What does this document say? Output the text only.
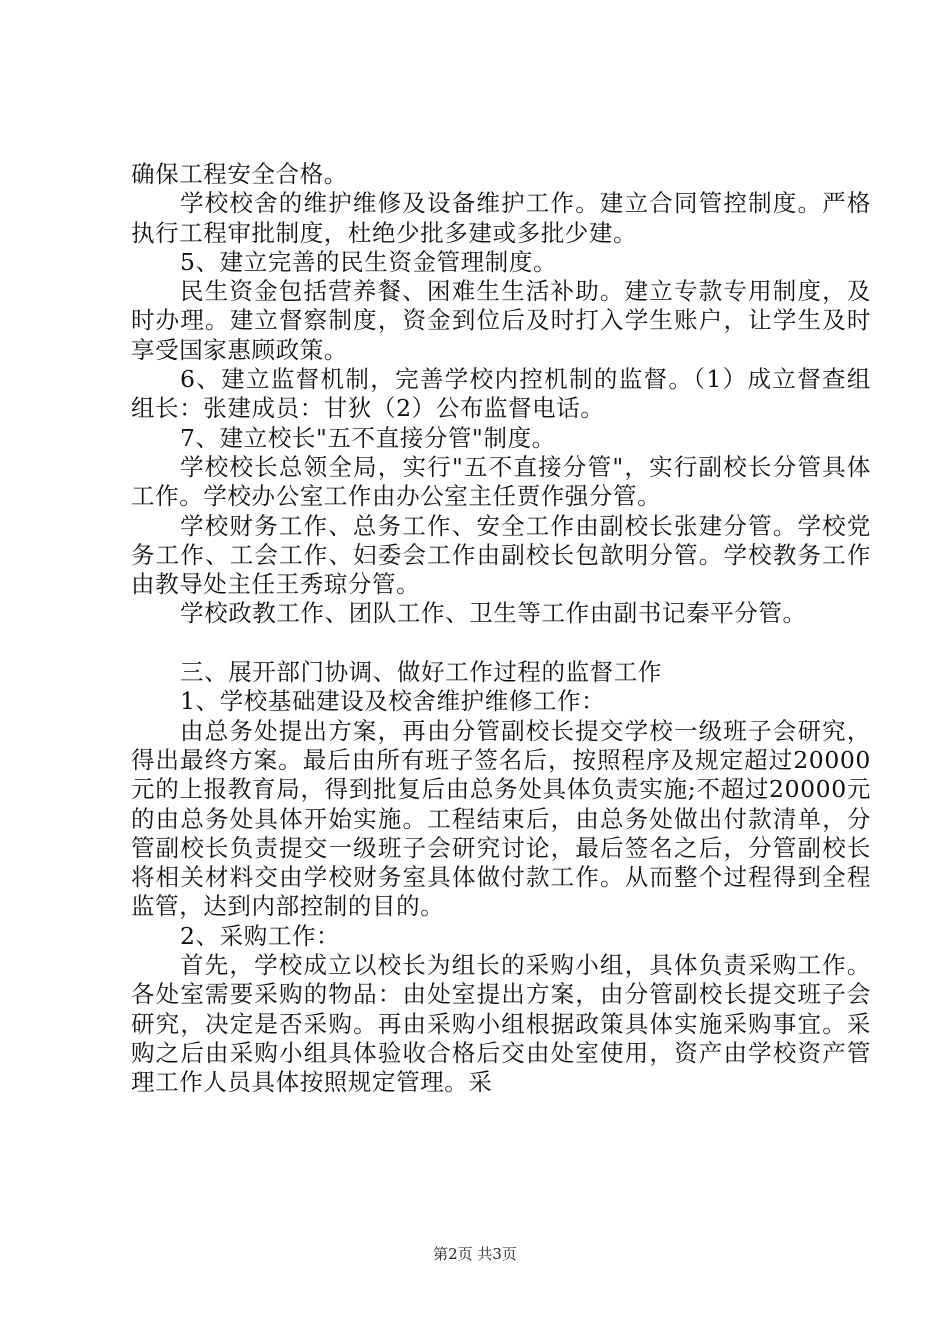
确保工程安全合格。

学校校舍的维护维修及设备维护工作。建立合同管控制度。严格执行工程审批制度，杜绝少批多建或多批少建。

5、建立完善的民生资金管理制度。

民生资金包括营养餐、困难生生活补助。建立专款专用制度，及时办理。建立督察制度，资金到位后及时打入学生账户，让学生及时享受国家惠顾政策。

6、建立监督机制，完善学校内控机制的监督。（1）成立督查组组长：张建成员：甘狄（2）公布监督电话。

7、建立校长"五不直接分管"制度。

学校校长总领全局，实行"五不直接分管"，实行副校长分管具体工作。学校办公室工作由办公室主任贾作强分管。

学校财务工作、总务工作、安全工作由副校长张建分管。学校党务工作、工会工作、妇委会工作由副校长包歆明分管。学校教务工作由教导处主任王秀琼分管。

学校政教工作、团队工作、卫生等工作由副书记秦平分管。

三、展开部门协调、做好工作过程的监督工作

1、学校基础建设及校舍维护维修工作：

由总务处提出方案，再由分管副校长提交学校一级班子会研究，得出最终方案。最后由所有班子签名后，按照程序及规定超过20000元的上报教育局，得到批复后由总务处具体负责实施;不超过20000元的由总务处具体开始实施。工程结束后，由总务处做出付款清单，分管副校长负责提交一级班子会研究讨论，最后签名之后，分管副校长将相关材料交由学校财务室具体做付款工作。从而整个过程得到全程监管，达到内部控制的目的。

2、采购工作：

首先，学校成立以校长为组长的采购小组，具体负责采购工作。各处室需要采购的物品：由处室提出方案，由分管副校长提交班子会研究，决定是否采购。再由采购小组根据政策具体实施采购事宜。采购之后由采购小组具体验收合格后交由处室使用，资产由学校资产管理工作人员具体按照规定管理。采

第2页 共3页
